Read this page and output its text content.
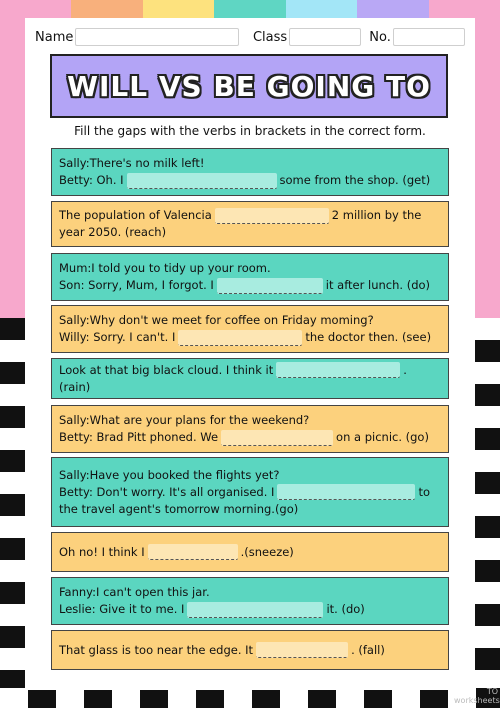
Name	Class	No.
WILL VS BE GOING TO
Fill the gaps with the verbs in brackets in the correct form.
Sally:There's no milk left!
Betty: Oh. I	some from the shop. (get)
The population of Valencia	2 million by the
year 2050. (reach)
Mum:I told you to tidy up your room.
Son: Sorry, Mum, I forgot. I	it after lunch. (do)
Sally:Why don't we meet for coffee on Friday moming?
Willy: Sorry. I can't. I	the doctor then. (see)
Look at that big black cloud. I think it	. (rain)
Sally:What are your plans for the weekend?
Betty: Brad Pitt phoned. We	on a picnic. (go)
Sally:Have you booked the flights yet?
Betty: Don't worry. It's all organised. I	to
the travel agent's tomorrow morning.(go)
Oh no! I think I	.(sneeze)
Fanny:I can't open this jar.
Leslie: Give it to me. I	it. (do)
That glass is too near the edge. It	. (fall)
TO
worksheets
